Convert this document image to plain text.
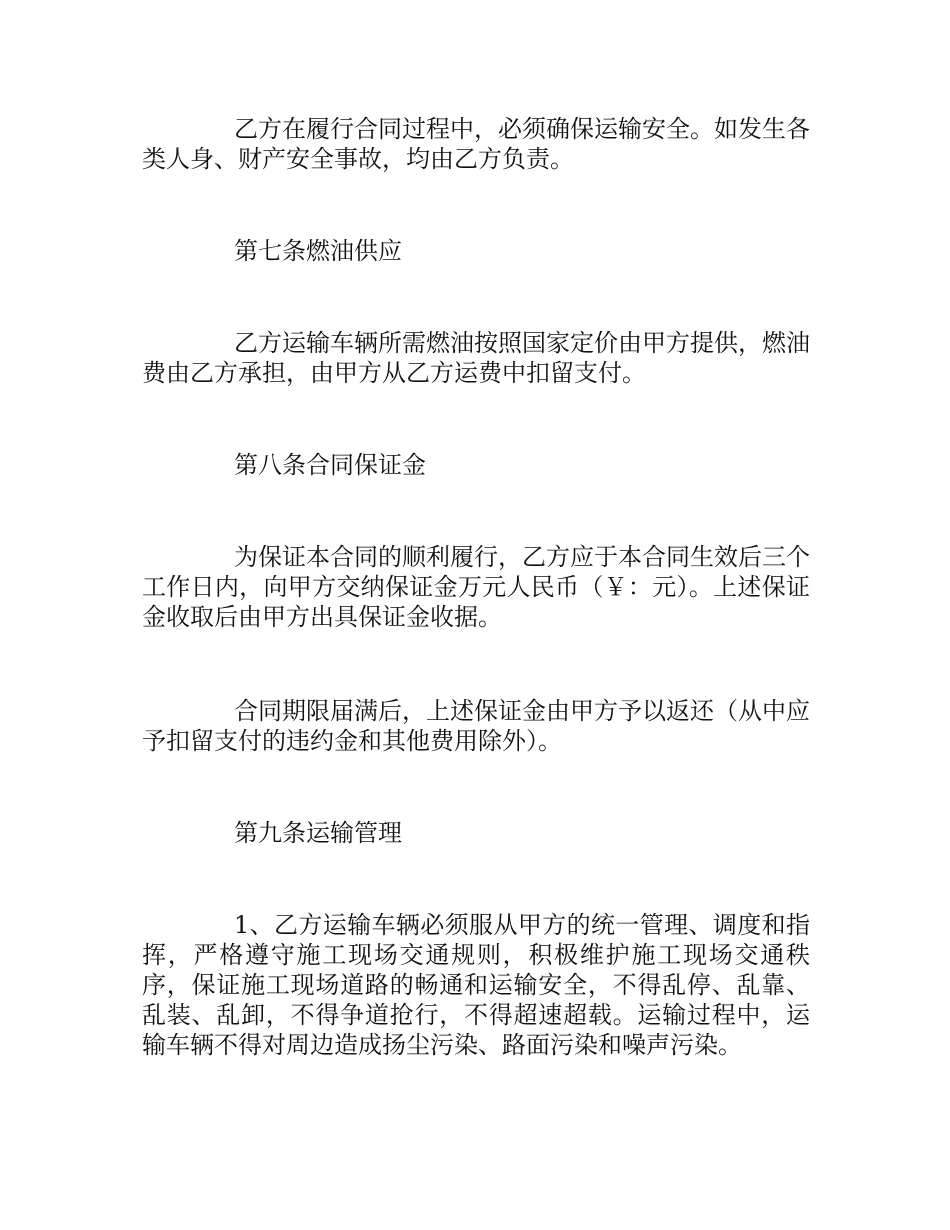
乙方在履行合同过程中，必须确保运输安全。如发生各类人身、财产安全事故，均由乙方负责。

第七条燃油供应

乙方运输车辆所需燃油按照国家定价由甲方提供，燃油费由乙方承担，由甲方从乙方运费中扣留支付。

第八条合同保证金

为保证本合同的顺利履行，乙方应于本合同生效后三个工作日内，向甲方交纳保证金万元人民币（￥：元）。上述保证金收取后由甲方出具保证金收据。

合同期限届满后，上述保证金由甲方予以返还（从中应予扣留支付的违约金和其他费用除外）。

第九条运输管理

1、乙方运输车辆必须服从甲方的统一管理、调度和指挥，严格遵守施工现场交通规则，积极维护施工现场交通秩序，保证施工现场道路的畅通和运输安全，不得乱停、乱靠、乱装、乱卸，不得争道抢行，不得超速超载。运输过程中，运输车辆不得对周边造成扬尘污染、路面污染和噪声污染。
